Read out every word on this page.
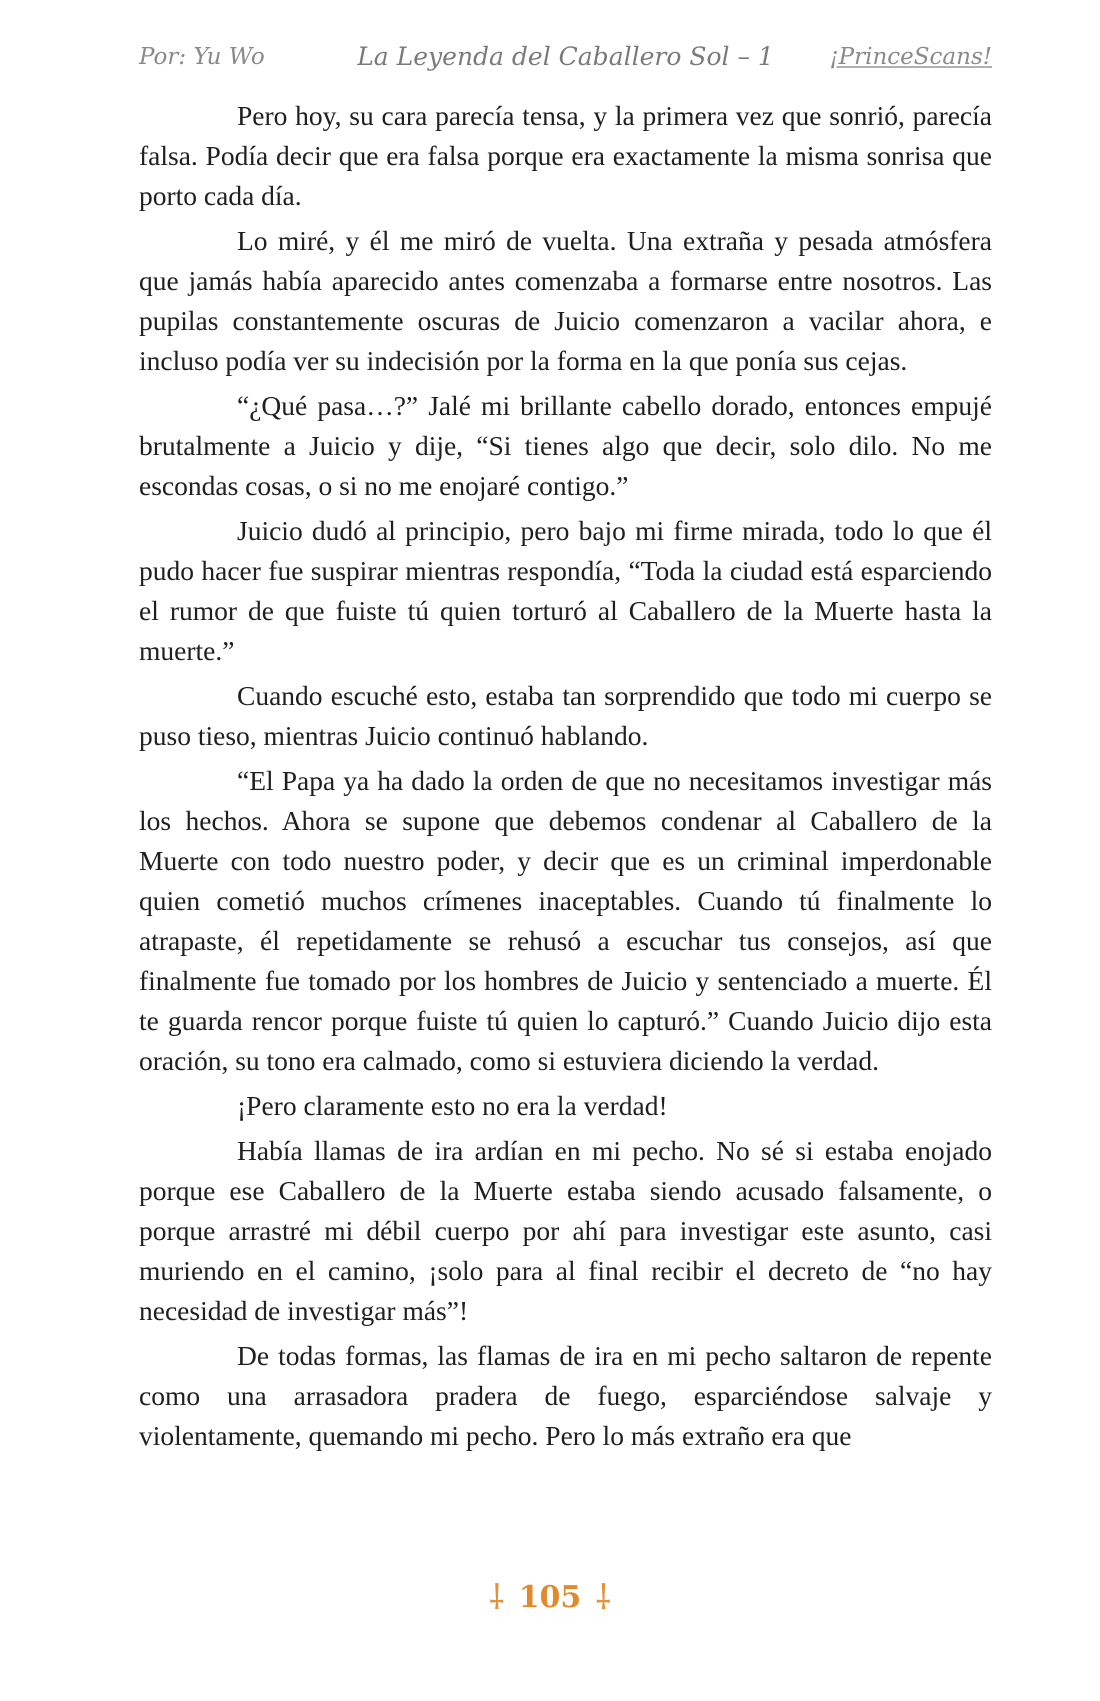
Por: Yu Wo	La Leyenda del Caballero Sol – 1	¡PrinceScans!

Pero hoy, su cara parecía tensa, y la primera vez que sonrió, parecía falsa. Podía decir que era falsa porque era exactamente la misma sonrisa que porto cada día.

Lo miré, y él me miró de vuelta. Una extraña y pesada atmósfera que jamás había aparecido antes comenzaba a formarse entre nosotros. Las pupilas constantemente oscuras de Juicio comenzaron a vacilar ahora, e incluso podía ver su indecisión por la forma en la que ponía sus cejas.

“¿Qué pasa…?” Jalé mi brillante cabello dorado, entonces empujé brutalmente a Juicio y dije, “Si tienes algo que decir, solo dilo. No me escondas cosas, o si no me enojaré contigo.”

Juicio dudó al principio, pero bajo mi firme mirada, todo lo que él pudo hacer fue suspirar mientras respondía, “Toda la ciudad está esparciendo el rumor de que fuiste tú quien torturó al Caballero de la Muerte hasta la muerte.”

Cuando escuché esto, estaba tan sorprendido que todo mi cuerpo se puso tieso, mientras Juicio continuó hablando.

“El Papa ya ha dado la orden de que no necesitamos investigar más los hechos. Ahora se supone que debemos condenar al Caballero de la Muerte con todo nuestro poder, y decir que es un criminal imperdonable quien cometió muchos crímenes inaceptables. Cuando tú finalmente lo atrapaste, él repetidamente se rehusó a escuchar tus consejos, así que finalmente fue tomado por los hombres de Juicio y sentenciado a muerte. Él te guarda rencor porque fuiste tú quien lo capturó.” Cuando Juicio dijo esta oración, su tono era calmado, como si estuviera diciendo la verdad.

¡Pero claramente esto no era la verdad!

Había llamas de ira ardían en mi pecho. No sé si estaba enojado porque ese Caballero de la Muerte estaba siendo acusado falsamente, o porque arrastré mi débil cuerpo por ahí para investigar este asunto, casi muriendo en el camino, ¡solo para al final recibir el decreto de “no hay necesidad de investigar más”!

De todas formas, las flamas de ira en mi pecho saltaron de repente como una arrasadora pradera de fuego, esparciéndose salvaje y violentamente, quemando mi pecho. Pero lo más extraño era que

⸸ 105 ⸸
